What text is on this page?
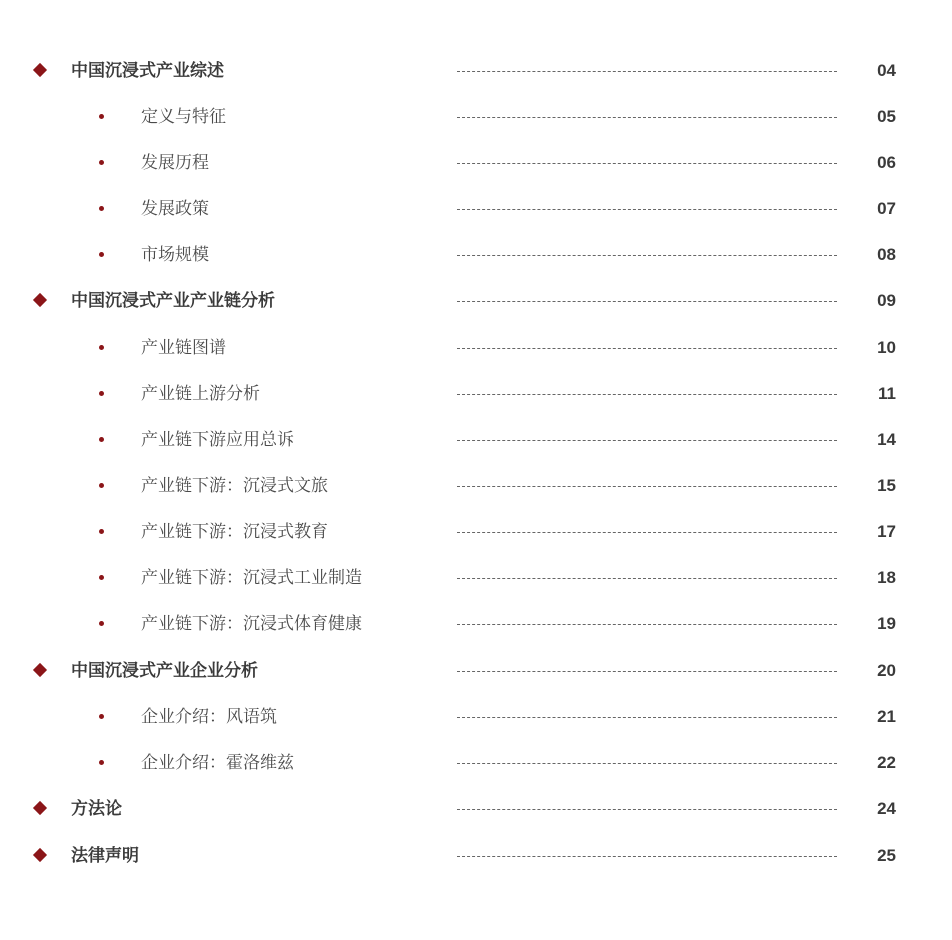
中国沉浸式产业综述	04
定义与特征	05
发展历程	06
发展政策	07
市场规模	08
中国沉浸式产业产业链分析	09
产业链图谱	10
产业链上游分析	11
产业链下游应用总诉	14
产业链下游：沉浸式文旅	15
产业链下游：沉浸式教育	17
产业链下游：沉浸式工业制造	18
产业链下游：沉浸式体育健康	19
中国沉浸式产业企业分析	20
企业介绍：风语筑	21
企业介绍：霍洛维兹	22
方法论	24
法律声明	25
